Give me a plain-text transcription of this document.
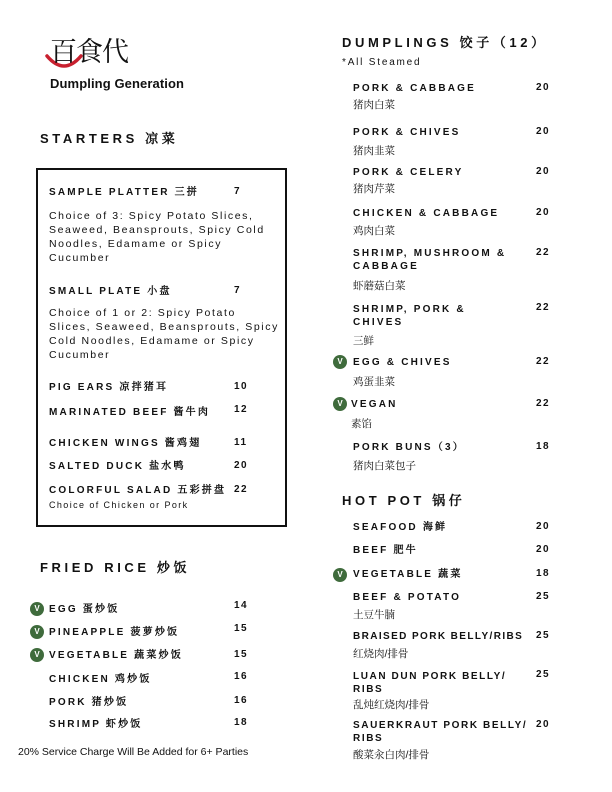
百食代
Dumpling Generation
STARTERS 凉菜
SAMPLE PLATTER 三拼	7
Choice of 3: Spicy Potato Slices, Seaweed, Beansprouts, Spicy Cold Noodles, Edamame or Spicy Cucumber
SMALL PLATE 小盘	7
Choice of 1 or 2: Spicy Potato Slices, Seaweed, Beansprouts, Spicy Cold Noodles, Edamame or Spicy Cucumber
PIG EARS 凉拌猪耳	10
MARINATED BEEF 酱牛肉 12
CHICKEN WINGS 酱鸡翅	11
SALTED DUCK 盐水鸭	20
COLORFUL SALAD 五彩拼盘 22
Choice of Chicken or Pork
FRIED RICE 炒饭
V EGG 蛋炒饭	14
V PINEAPPLE 菠萝炒饭	15
V VEGETABLE 蔬菜炒饭	15
CHICKEN 鸡炒饭	16
PORK 猪炒饭	16
SHRIMP 虾炒饭	18
20% Service Charge Will Be Added for 6+ Parties
DUMPLINGS 饺子（12）
*All Steamed
PORK & CABBAGE
猪肉白菜
20
PORK & CHIVES
猪肉韭菜
20
PORK & CELERY
猪肉芹菜
20
CHICKEN & CABBAGE
鸡肉白菜
20
SHRIMP, MUSHROOM & CABBAGE
虾蘑菇白菜
22
SHRIMP, PORK & CHIVES
三鲜
22
V	EGG & CHIVES
鸡蛋韭菜
22
V VEGAN
素馅
22
PORK BUNS（3）
猪肉白菜包子
18
HOT POT 锅仔
SEAFOOD 海鲜	20
BEEF 肥牛	20
V	VEGETABLE 蔬菜	18
BEEF & POTATO
土豆牛腩
25
BRAISED PORK BELLY/RIBS
红烧肉/排骨
25
LUAN DUN PORK BELLY/ RIBS
乱炖红烧肉/排骨
25
SAUERKRAUT PORK BELLY/ RIBS
酸菜汆白肉/排骨
20
